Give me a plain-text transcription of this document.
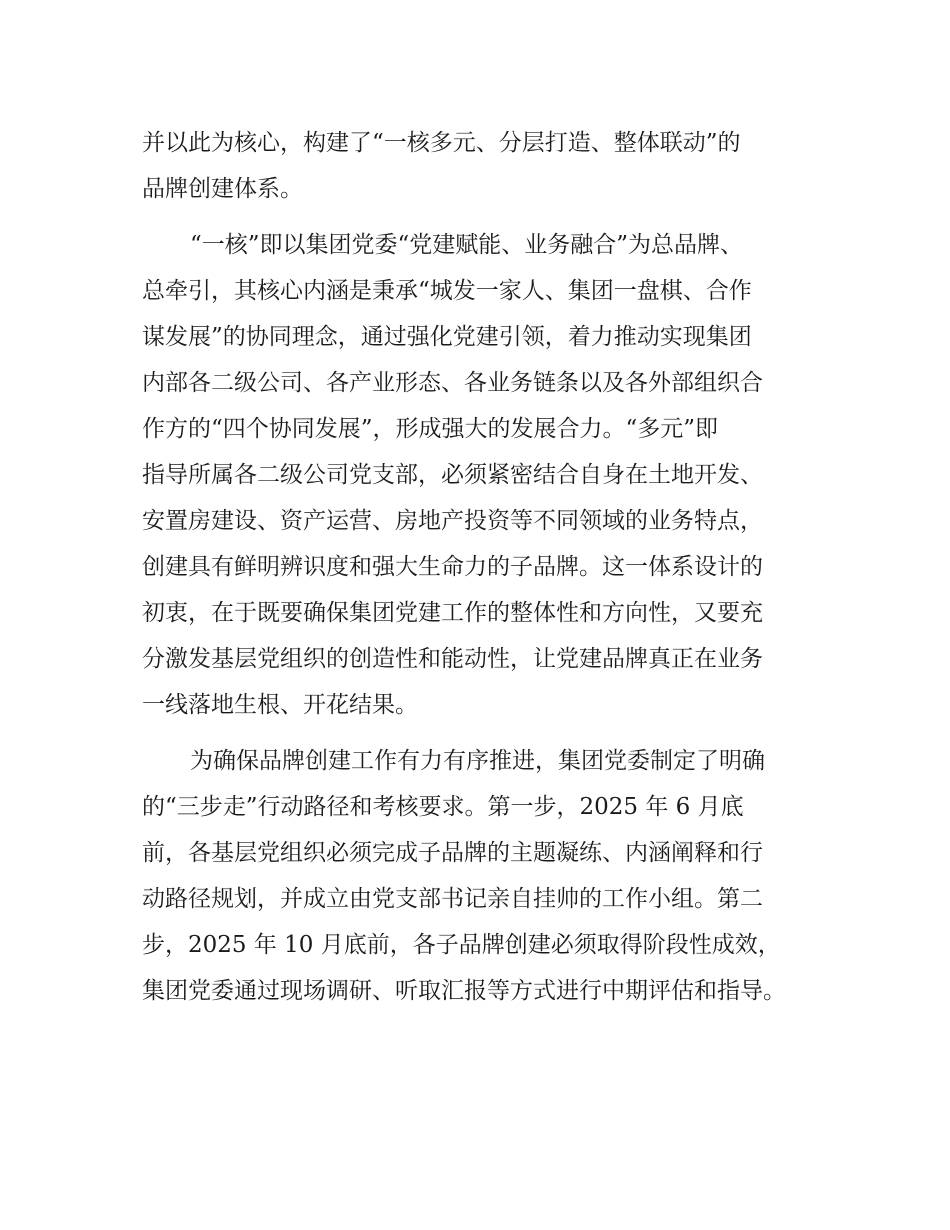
并以此为核心，构建了“一核多元、分层打造、整体联动”的
品牌创建体系。
“一核”即以集团党委“党建赋能、业务融合”为总品牌、
总牵引，其核心内涵是秉承“城发一家人、集团一盘棋、合作
谋发展”的协同理念，通过强化党建引领，着力推动实现集团
内部各二级公司、各产业形态、各业务链条以及各外部组织合
作方的“四个协同发展”，形成强大的发展合力。“多元”即
指导所属各二级公司党支部，必须紧密结合自身在土地开发、
安置房建设、资产运营、房地产投资等不同领域的业务特点，
创建具有鲜明辨识度和强大生命力的子品牌。这一体系设计的
初衷，在于既要确保集团党建工作的整体性和方向性，又要充
分激发基层党组织的创造性和能动性，让党建品牌真正在业务
一线落地生根、开花结果。
为确保品牌创建工作有力有序推进，集团党委制定了明确
的“三步走”行动路径和考核要求。第一步，2025 年 6 月底
前，各基层党组织必须完成子品牌的主题凝练、内涵阐释和行
动路径规划，并成立由党支部书记亲自挂帅的工作小组。第二
步，2025 年 10 月底前，各子品牌创建必须取得阶段性成效，
集团党委通过现场调研、听取汇报等方式进行中期评估和指导。
